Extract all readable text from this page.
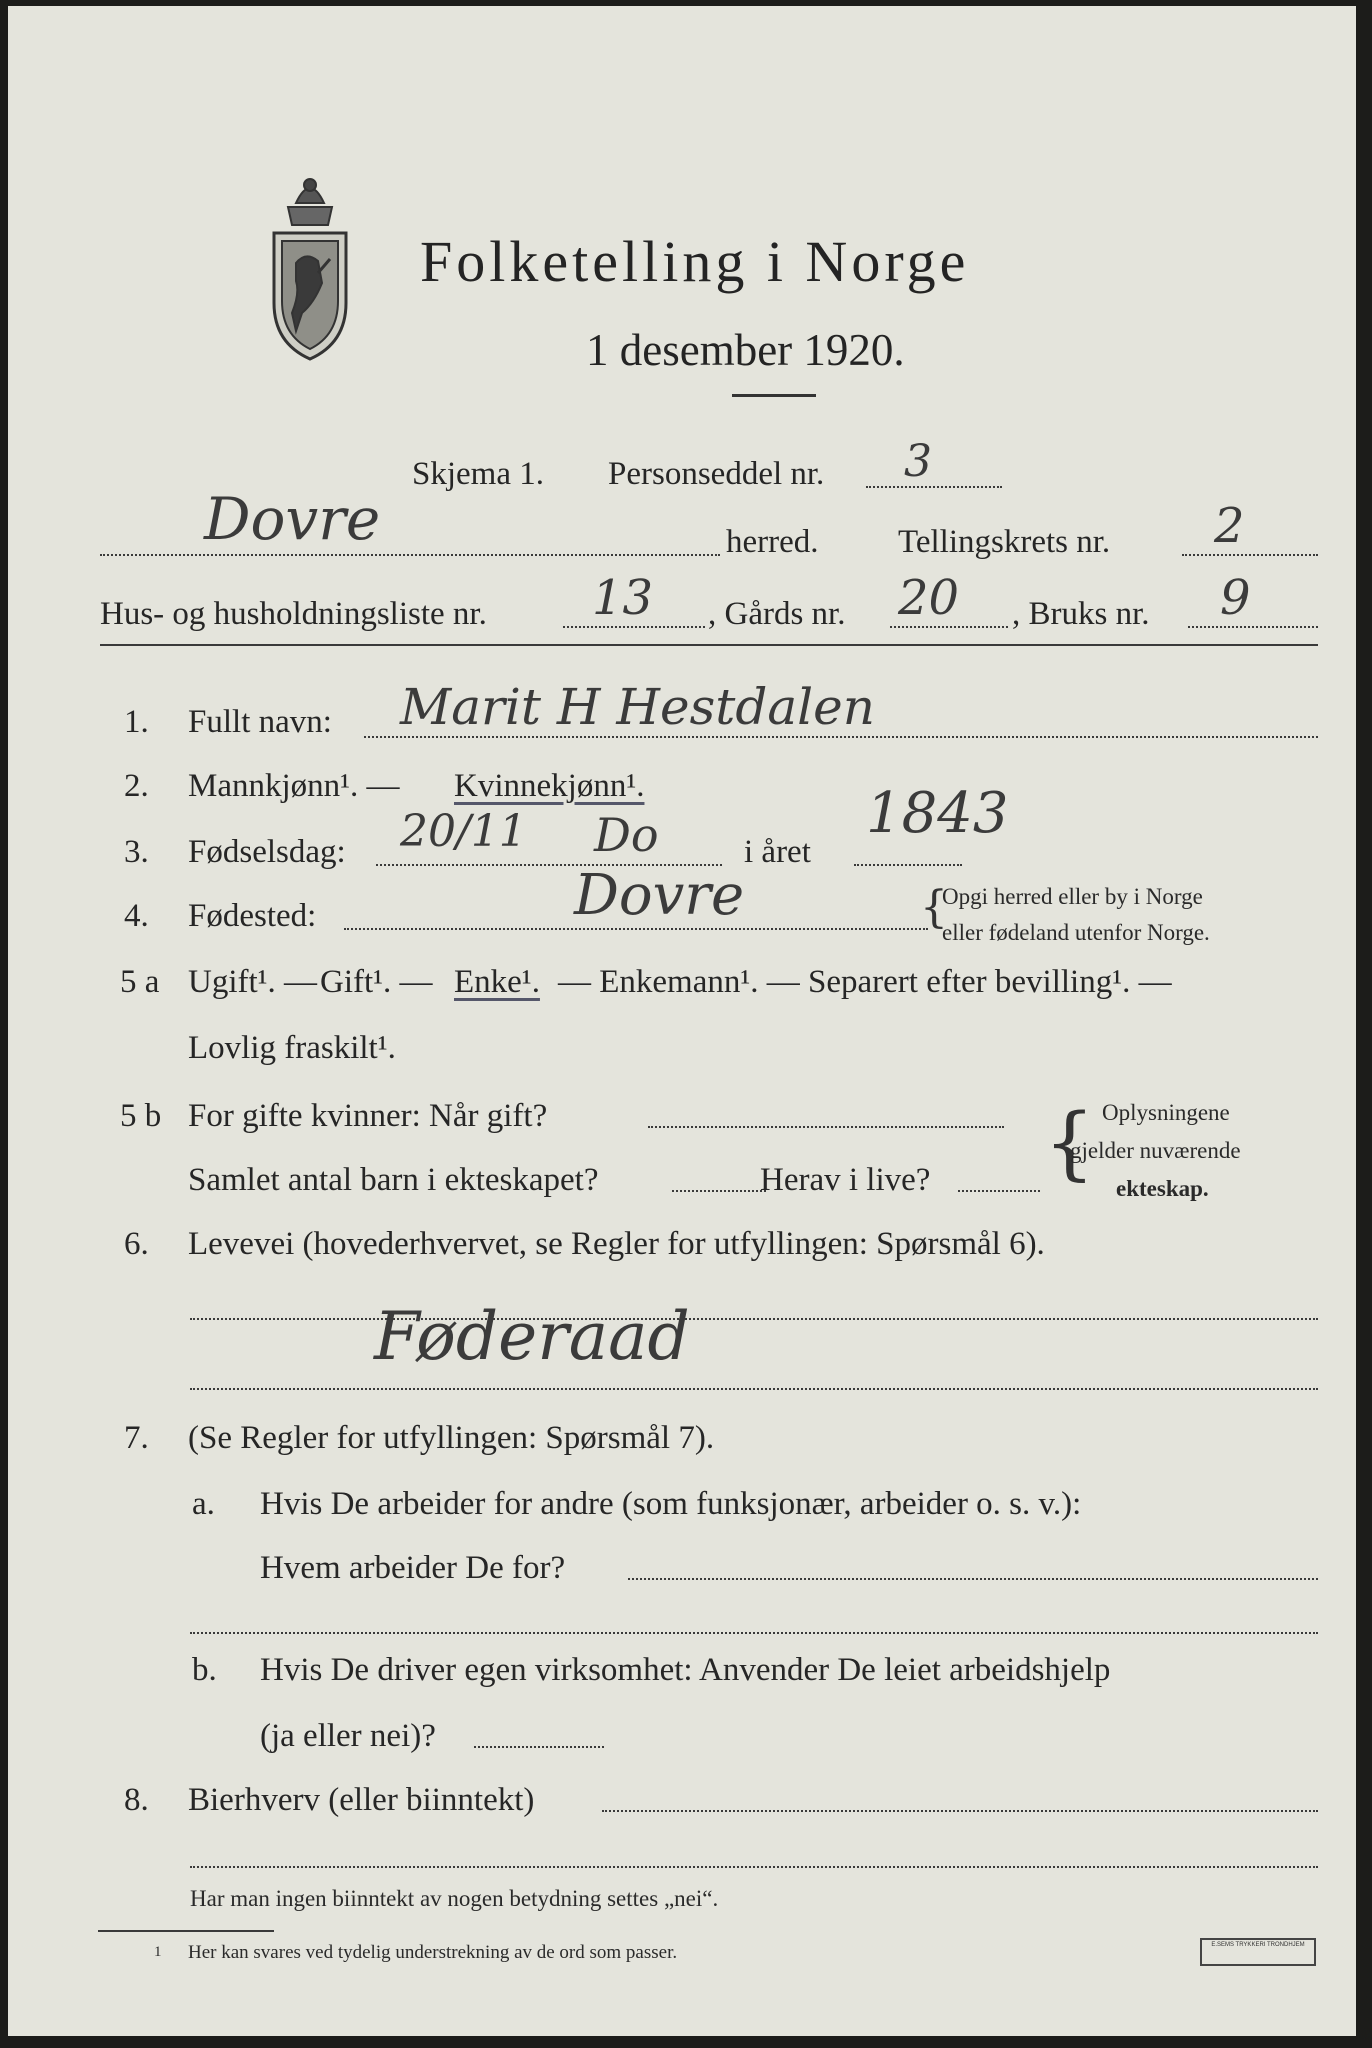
Folketelling i Norge
1 desember 1920.
Skjema 1. Personseddel nr. 3
Dovre	herred. Tellingskrets nr. 2
Hus- og husholdningsliste nr. 13 , Gårds nr. 20 , Bruks nr. 9
1. Fullt navn: Marit H Hestdalen
2. Mannkjønn¹. — Kvinnekjønn¹.
3. Fødselsdag: 20/11 Do	i året
1843
4. Fødested:	Dovre	{
Opgi herred eller by i Norge
eller fødeland utenfor Norge.
5 a Ugift¹. — Gift¹. — Enke¹. — Enkemann¹. — Separert efter bevilling¹. —
Lovlig fraskilt¹.
5 b For gifte kvinner: Når gift?
Samlet antal barn i ekteskapet?	Herav i live? { Oplysningene
gjelder nuværende
ekteskap.
6. Levevei (hovederhvervet, se Regler for utfyllingen: Spørsmål 6).
Føderaad
7. (Se Regler for utfyllingen: Spørsmål 7).
a. Hvis De arbeider for andre (som funksjonær, arbeider o. s. v.):
Hvem arbeider De for?
b. Hvis De driver egen virksomhet: Anvender De leiet arbeidshjelp
(ja eller nei)?
8. Bierhverv (eller biinntekt)
Har man ingen biinntekt av nogen betydning settes „nei“.
1 Her kan svares ved tydelig understrekning av de ord som passer.	E.SEMS TRYKKERI TRONDHJEM
